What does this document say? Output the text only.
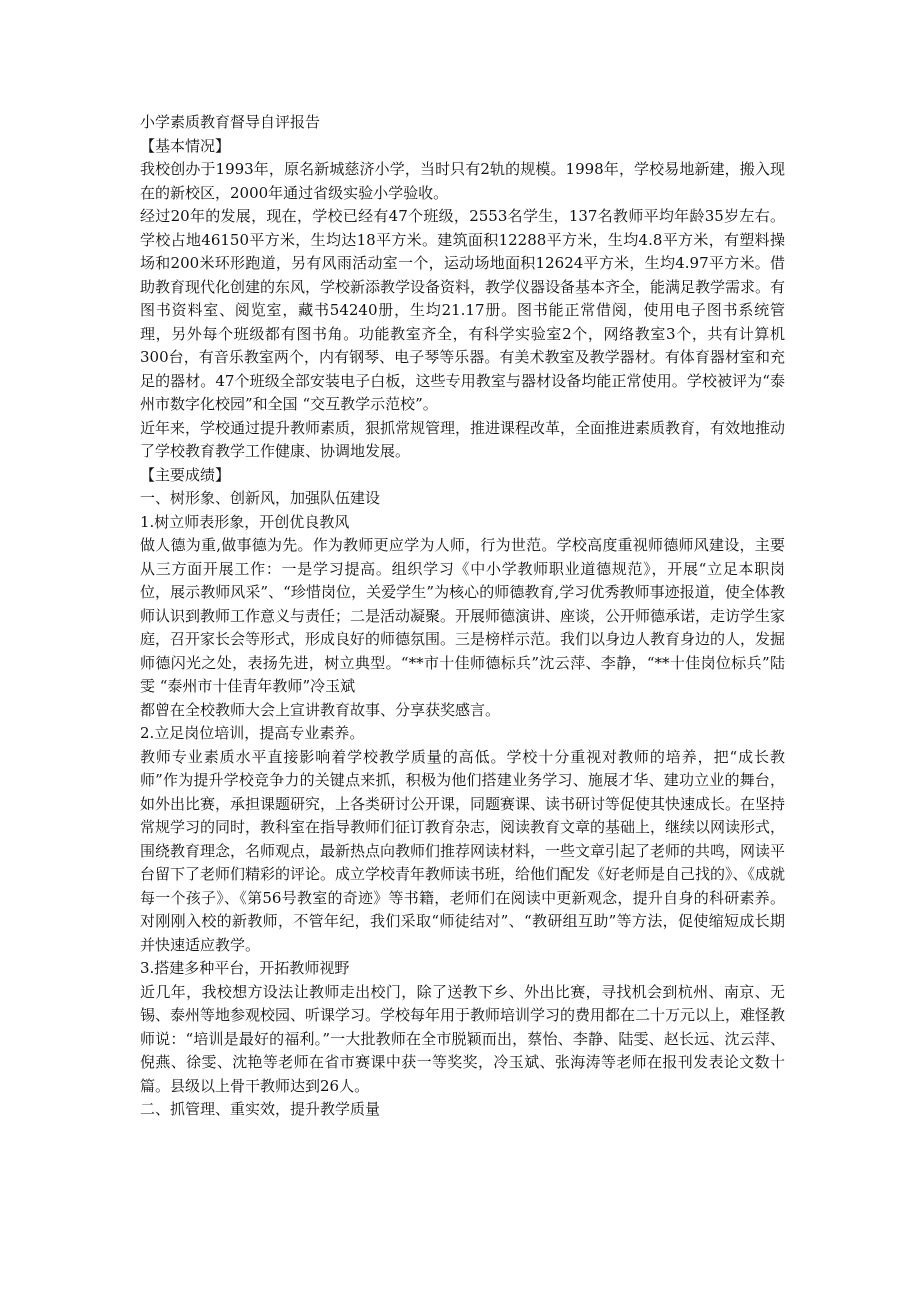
小学素质教育督导自评报告

【基本情况】

我校创办于1993年，原名新城慈济小学，当时只有2轨的规模。1998年，学校易地新建，搬入现在的新校区，2000年通过省级实验小学验收。

经过20年的发展，现在，学校已经有47个班级，2553名学生，137名教师平均年龄35岁左右。学校占地46150平方米，生均达18平方米。建筑面积12288平方米，生均4.8平方米，有塑料操场和200米环形跑道，另有风雨活动室一个，运动场地面积12624平方米，生均4.97平方米。借助教育现代化创建的东风，学校新添教学设备资料，教学仪器设备基本齐全，能满足教学需求。有图书资料室、阅览室，藏书54240册，生均21.17册。图书能正常借阅，使用电子图书系统管理，另外每个班级都有图书角。功能教室齐全，有科学实验室2个，网络教室3个，共有计算机300台，有音乐教室两个，内有钢琴、电子琴等乐器。有美术教室及教学器材。有体育器材室和充足的器材。47个班级全部安装电子白板，这些专用教室与器材设备均能正常使用。学校被评为“泰州市数字化校园”和全国 “交互教学示范校”。

近年来，学校通过提升教师素质，狠抓常规管理，推进课程改革，全面推进素质教育，有效地推动了学校教育教学工作健康、协调地发展。

【主要成绩】

一、树形象、创新风，加强队伍建设

1.树立师表形象，开创优良教风

做人德为重,做事德为先。作为教师更应学为人师，行为世范。学校高度重视师德师风建设，主要从三方面开展工作：一是学习提高。组织学习《中小学教师职业道德规范》，开展“立足本职岗位，展示教师风采”、“珍惜岗位，关爱学生”为核心的师德教育,学习优秀教师事迹报道，使全体教师认识到教师工作意义与责任；二是活动凝聚。开展师德演讲、座谈，公开师德承诺，走访学生家庭，召开家长会等形式，形成良好的师德氛围。三是榜样示范。我们以身边人教育身边的人，发掘师德闪光之处，表扬先进，树立典型。“**市十佳师德标兵”沈云萍、李静，“**十佳岗位标兵”陆雯 “泰州市十佳青年教师”冷玉斌

都曾在全校教师大会上宣讲教育故事、分享获奖感言。

2.立足岗位培训，提高专业素养。

教师专业素质水平直接影响着学校教学质量的高低。学校十分重视对教师的培养，把“成长教师”作为提升学校竞争力的关键点来抓，积极为他们搭建业务学习、施展才华、建功立业的舞台，如外出比赛，承担课题研究，上各类研讨公开课，同题赛课、读书研讨等促使其快速成长。在坚持常规学习的同时，教科室在指导教师们征订教育杂志，阅读教育文章的基础上，继续以网读形式，围绕教育理念，名师观点，最新热点向教师们推荐网读材料，一些文章引起了老师的共鸣，网读平台留下了老师们精彩的评论。成立学校青年教师读书班，给他们配发《好老师是自己找的》、《成就每一个孩子》、《第56号教室的奇迹》等书籍，老师们在阅读中更新观念，提升自身的科研素养。对刚刚入校的新教师，不管年纪，我们采取“师徒结对”、“教研组互助”等方法，促使缩短成长期并快速适应教学。

3.搭建多种平台，开拓教师视野

近几年，我校想方设法让教师走出校门，除了送教下乡、外出比赛，寻找机会到杭州、南京、无锡、泰州等地参观校园、听课学习。学校每年用于教师培训学习的费用都在二十万元以上，难怪教师说：“培训是最好的福利。”一大批教师在全市脱颖而出，蔡怡、李静、陆雯、赵长远、沈云萍、倪燕、徐雯、沈艳等老师在省市赛课中获一等奖奖，冷玉斌、张海涛等老师在报刊发表论文数十篇。县级以上骨干教师达到26人。

二、抓管理、重实效，提升教学质量
